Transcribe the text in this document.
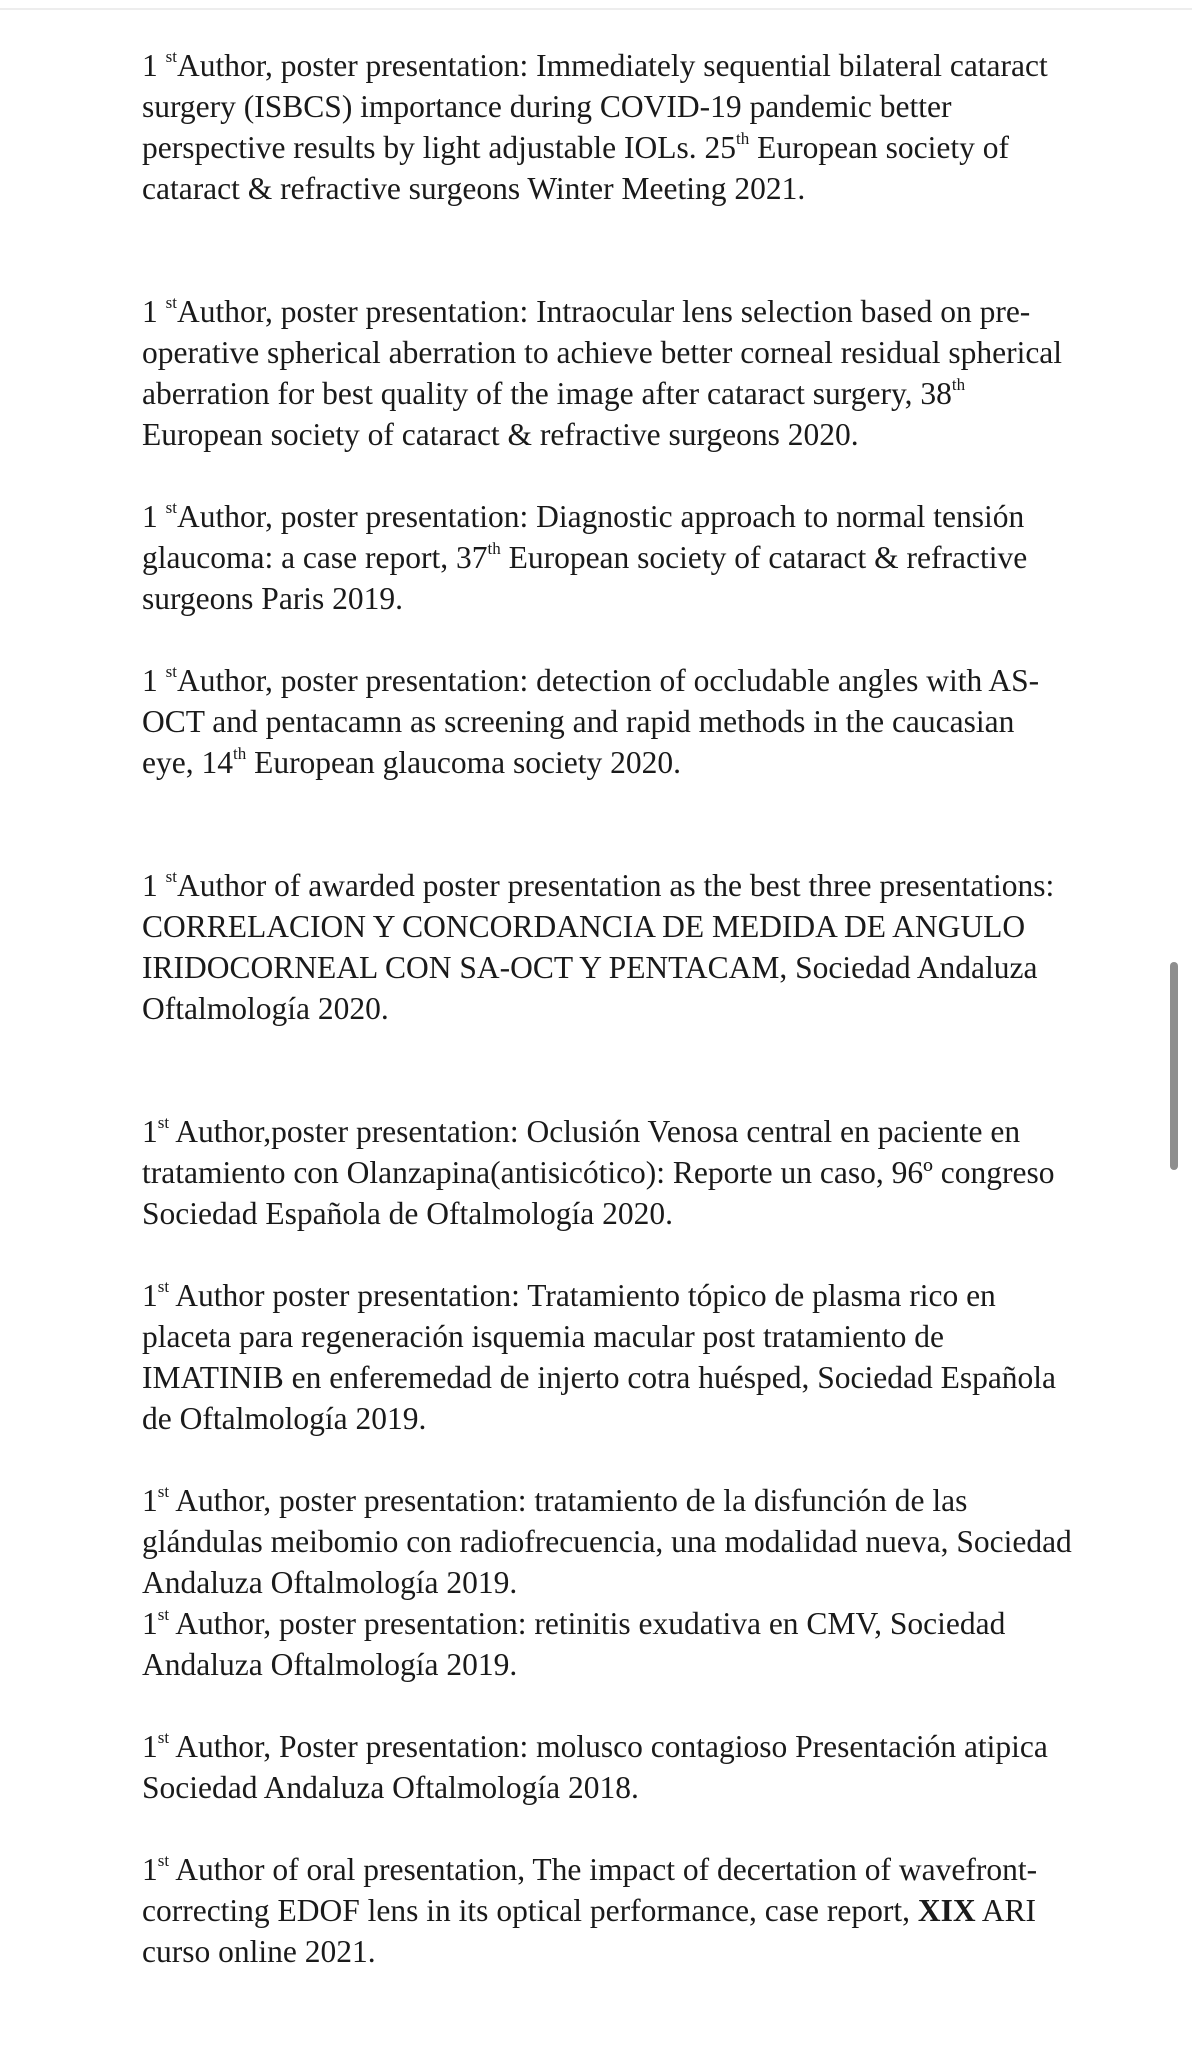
1 $^{st}$Author, poster presentation: Immediately sequential bilateral cataract surgery (ISBCS) importance during COVID-19 pandemic better perspective results by light adjustable IOLs. 25th European society of cataract & refractive surgeons Winter Meeting 2021.

1 $^{st}$Author, poster presentation: Intraocular lens selection based on pre-operative spherical aberration to achieve better corneal residual spherical aberration for best quality of the image after cataract surgery, 38th European society of cataract & refractive surgeons 2020.

1 $^{st}$Author, poster presentation: Diagnostic approach to normal tensión glaucoma: a case report, 37th European society of cataract & refractive surgeons Paris 2019.

1 $^{st}$Author, poster presentation: detection of occludable angles with AS-OCT and pentacamn as screening and rapid methods in the caucasian eye, 14th European glaucoma society 2020.

1 $^{st}$Author of awarded poster presentation as the best three presentations: CORRELACION Y CONCORDANCIA DE MEDIDA DE ANGULO IRIDOCORNEAL CON SA-OCT Y PENTACAM, Sociedad Andaluza Oftalmología 2020.

1st Author,poster presentation: Oclusión Venosa central en paciente en tratamiento con Olanzapina(antisicótico): Reporte un caso, 96º congreso Sociedad Española de Oftalmología 2020.

1st Author poster presentation: Tratamiento tópico de plasma rico en placeta para regeneración isquemia macular post tratamiento de IMATINIB en enferemedad de injerto cotra huésped, Sociedad Española de Oftalmología 2019.

1st Author, poster presentation: tratamiento de la disfunción de las glándulas meibomio con radiofrecuencia, una modalidad nueva, Sociedad Andaluza Oftalmología 2019.

1st Author, poster presentation: retinitis exudativa en CMV, Sociedad Andaluza Oftalmología 2019.

1st Author, Poster presentation: molusco contagioso Presentación atipica Sociedad Andaluza Oftalmología 2018.

1st Author of oral presentation, The impact of decertation of wavefront-correcting EDOF lens in its optical performance, case report, XIX ARI curso online 2021.
